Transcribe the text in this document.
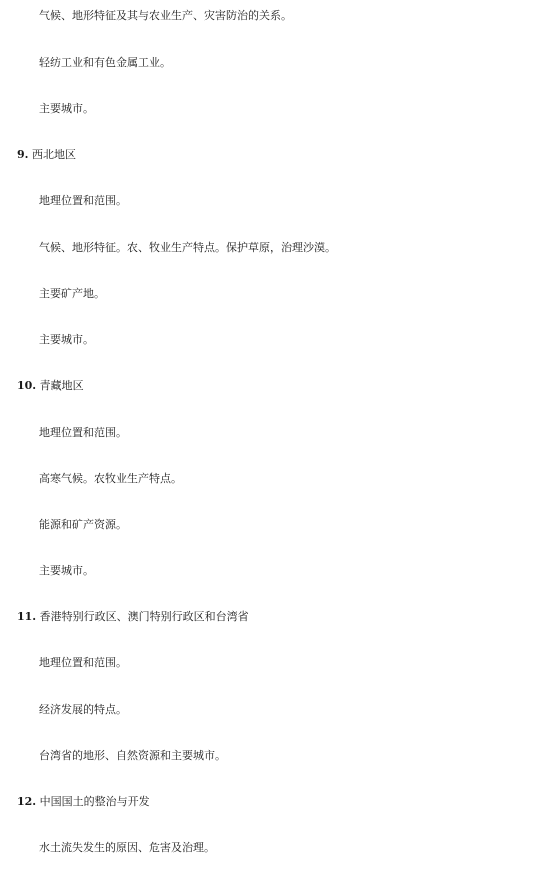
气候、地形特征及其与农业生产、灾害防治的关系。
轻纺工业和有色金属工业。
主要城市。
9. 西北地区
地理位置和范围。
气候、地形特征。农、牧业生产特点。保护草原，治理沙漠。
主要矿产地。
主要城市。
10. 青藏地区
地理位置和范围。
高寒气候。农牧业生产特点。
能源和矿产资源。
主要城市。
11. 香港特别行政区、澳门特别行政区和台湾省
地理位置和范围。
经济发展的特点。
台湾省的地形、自然资源和主要城市。
12. 中国国土的整治与开发
水土流失发生的原因、危害及治理。
